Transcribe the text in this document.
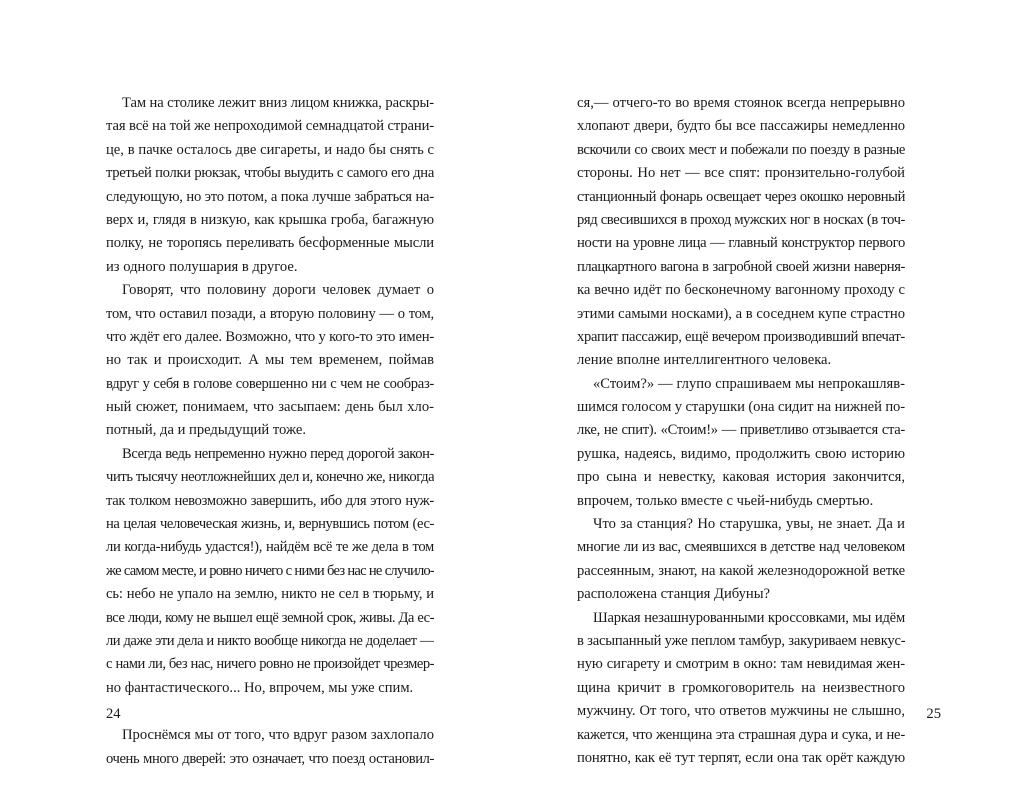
Там на столике лежит вниз лицом книжка, раскры-
тая всё на той же непроходимой семнадцатой страни-
це, в пачке осталось две сигареты, и надо бы снять с
третьей полки рюкзак, чтобы выудить с самого его дна
следующую, но это потом, а пока лучше забраться на-
верх и, глядя в низкую, как крышка гроба, багажную
полку, не торопясь переливать бесформенные мысли
из одного полушария в другое.
Говорят, что половину дороги человек думает о
том, что оставил позади, а вторую половину — о том,
что ждёт его далее. Возможно, что у кого-то это имен-
но так и происходит. А мы тем временем, поймав
вдруг у себя в голове совершенно ни с чем не сообраз-
ный сюжет, понимаем, что засыпаем: день был хло-
потный, да и предыдущий тоже.
Всегда ведь непременно нужно перед дорогой закон-
чить тысячу неотложнейших дел и, конечно же, никогда
так толком невозможно завершить, ибо для этого нуж-
на целая человеческая жизнь, и, вернувшись потом (ес-
ли когда-нибудь удастся!), найдём всё те же дела в том
же самом месте, и ровно ничего с ними без нас не случило-
сь: небо не упало на землю, никто не сел в тюрьму, и
все люди, кому не вышел ещё земной срок, живы. Да ес-
ли даже эти дела и никто вообще никогда не доделает —
с нами ли, без нас, ничего ровно не произойдет чрезмер-
но фантастического... Но, впрочем, мы уже спим.
Проснёмся мы от того, что вдруг разом захлопало
очень много дверей: это означает, что поезд остановил-
24
ся,— отчего-то во время стоянок всегда непрерывно
хлопают двери, будто бы все пассажиры немедленно
вскочили со своих мест и побежали по поезду в разные
стороны. Но нет — все спят: пронзительно-голубой
станционный фонарь освещает через окошко неровный
ряд свесившихся в проход мужских ног в носках (в точ-
ности на уровне лица — главный конструктор первого
плацкартного вагона в загробной своей жизни наверня-
ка вечно идёт по бесконечному вагонному проходу с
этими самыми носками), а в соседнем купе страстно
храпит пассажир, ещё вечером производивший впечат-
ление вполне интеллигентного человека.
«Стоим?» — глупо спрашиваем мы непрокашляв-
шимся голосом у старушки (она сидит на нижней по-
лке, не спит). «Стоим!» — приветливо отзывается ста-
рушка, надеясь, видимо, продолжить свою историю
про сына и невестку, каковая история закончится,
впрочем, только вместе с чьей-нибудь смертью.
Что за станция? Но старушка, увы, не знает. Да и
многие ли из вас, смеявшихся в детстве над человеком
рассеянным, знают, на какой железнодорожной ветке
расположена станция Дибуны?
Шаркая незашнурованными кроссовками, мы идём
в засыпанный уже пеплом тамбур, закуриваем невкус-
ную сигарету и смотрим в окно: там невидимая жен-
щина кричит в громкоговоритель на неизвестного
мужчину. От того, что ответов мужчины не слышно,
кажется, что женщина эта страшная дура и сука, и не-
понятно, как её тут терпят, если она так орёт каждую
25
